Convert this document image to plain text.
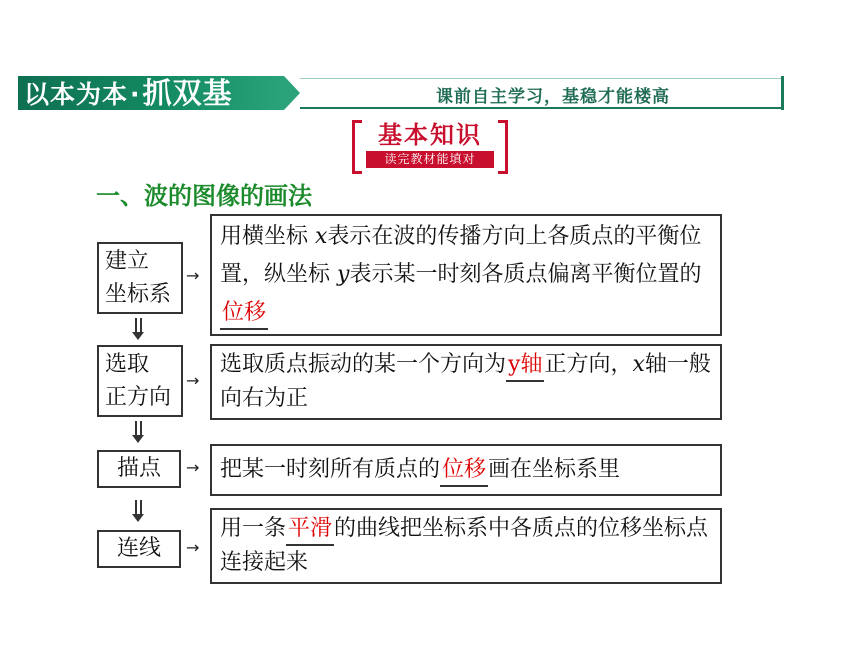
以本为本·抓双基	课前自主学习，基稳才能楼高
基本知识
读完教材能填对
一、波的图像的画法
建立
坐标系
→
用横坐标 x表示在波的传播方向上各质点的平衡位置，纵坐标 y表示某一时刻各质点偏离平衡位置的位移
选取
正方向
→
选取质点振动的某一个方向为y轴正方向，x轴一般向右为正
描点	→ 把某一时刻所有质点的位移画在坐标系里
连线	→
用一条平滑的曲线把坐标系中各质点的位移坐标点连接起来
